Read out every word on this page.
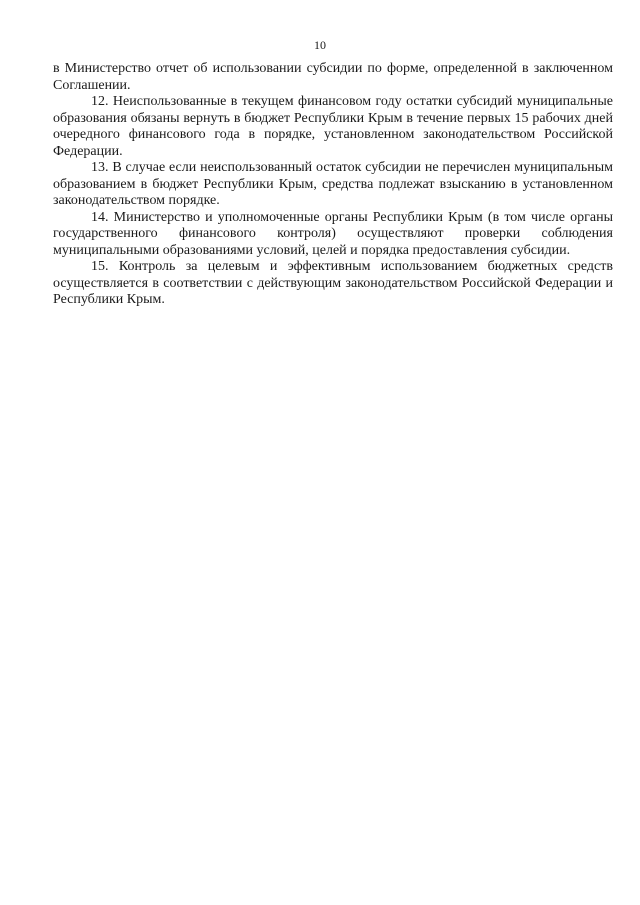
10

в Министерство отчет об использовании субсидии по форме, определенной в заключенном Соглашении.

12. Неиспользованные в текущем финансовом году остатки субсидий муниципальные образования обязаны вернуть в бюджет Республики Крым в течение первых 15 рабочих дней очередного финансового года в порядке, установленном законодательством Российской Федерации.

13. В случае если неиспользованный остаток субсидии не перечислен муниципальным образованием в бюджет Республики Крым, средства подлежат взысканию в установленном законодательством порядке.

14. Министерство и уполномоченные органы Республики Крым (в том числе органы государственного финансового контроля) осуществляют проверки соблюдения муниципальными образованиями условий, целей и порядка предоставления субсидии.

15. Контроль за целевым и эффективным использованием бюджетных средств осуществляется в соответствии с действующим законодательством Российской Федерации и Республики Крым.
